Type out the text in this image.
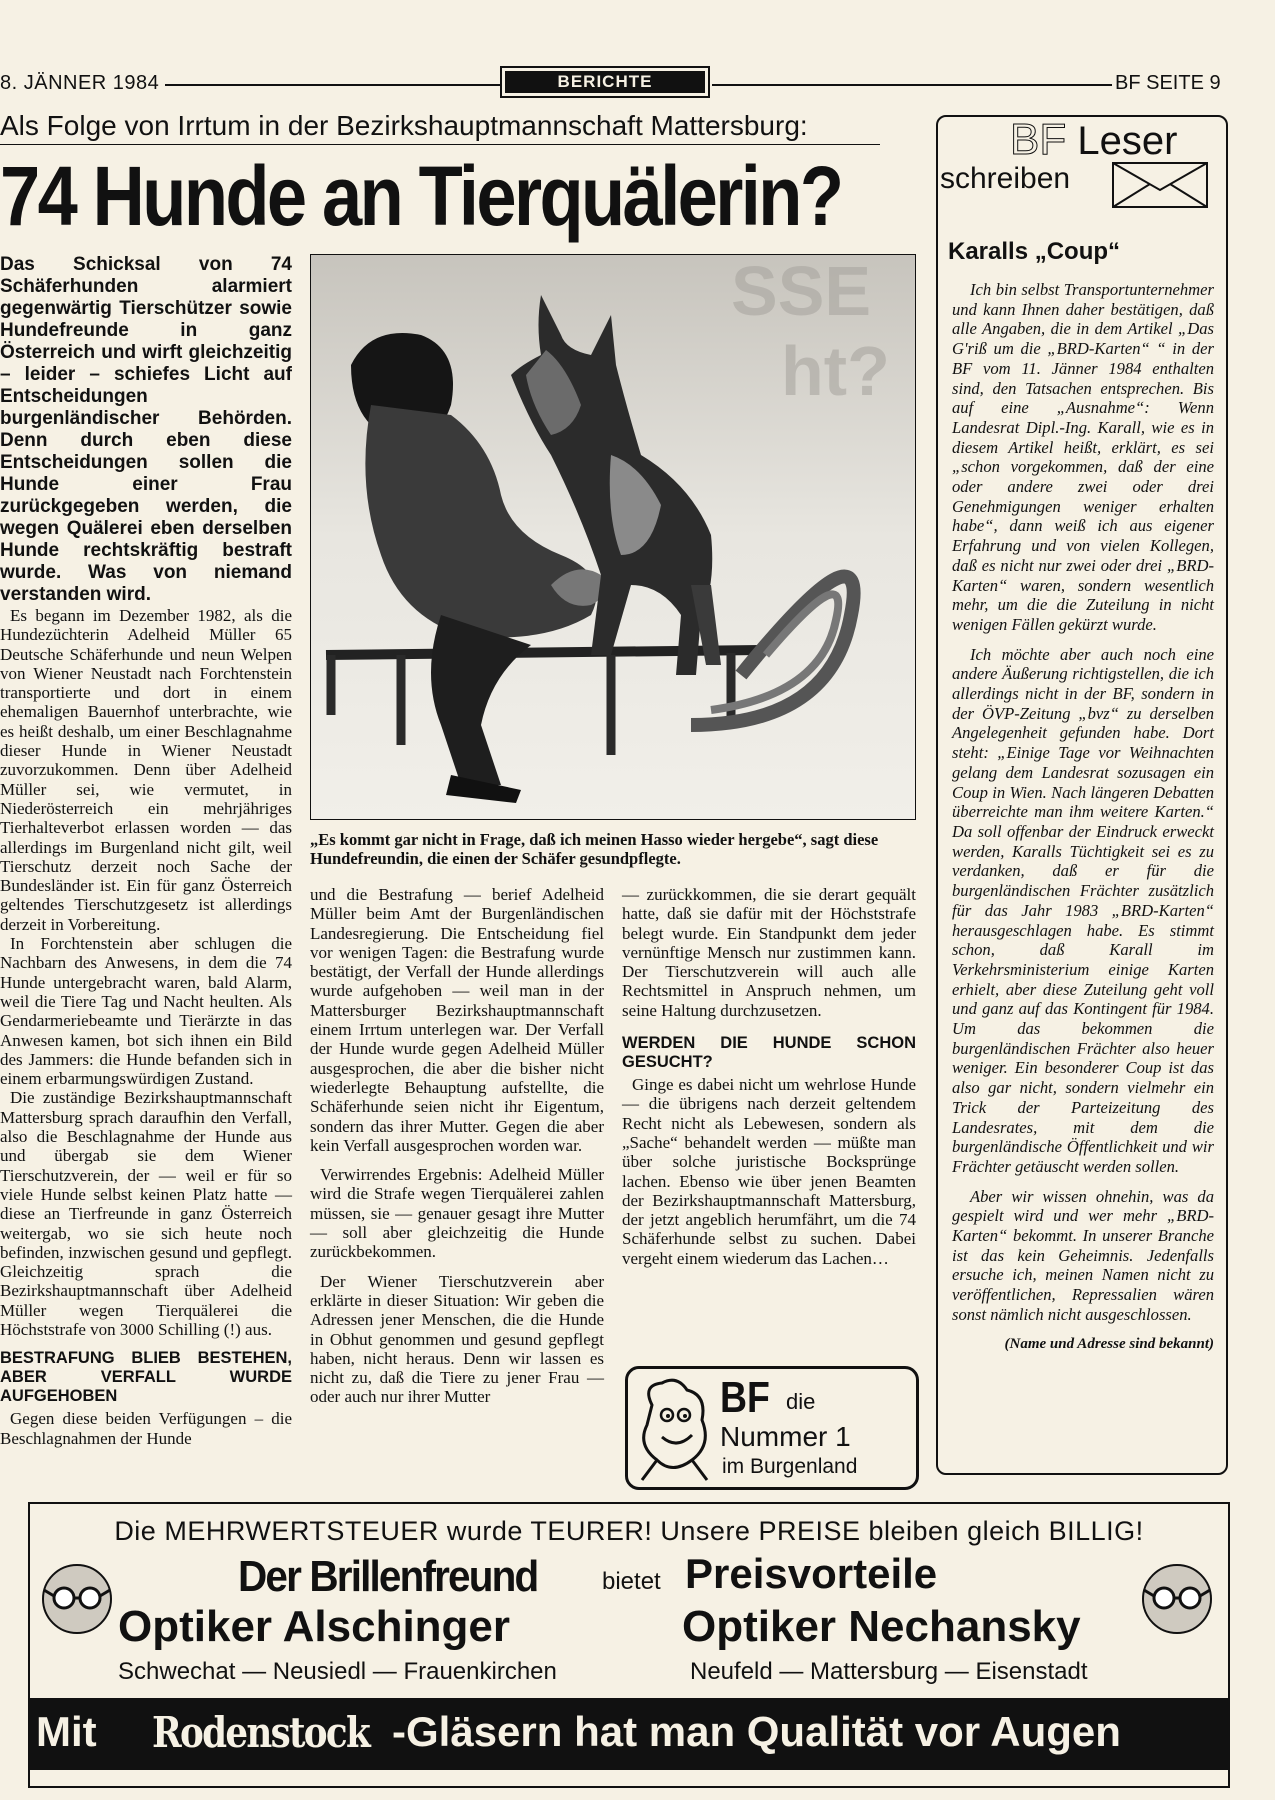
8. JÄNNER 1984	BERICHTE	BF SEITE 9
Als Folge von Irrtum in der Bezirkshauptmannschaft Mattersburg:
74 Hunde an Tierquälerin?
Das Schicksal von 74 Schäferhunden alarmiert gegenwärtig Tierschützer sowie Hundefreunde in ganz Österreich und wirft gleichzeitig – leider – schiefes Licht auf Entscheidungen burgenländischer Behörden. Denn durch eben diese Entscheidungen sollen die Hunde einer Frau zurückgegeben werden, die wegen Quälerei eben derselben Hunde rechtskräftig bestraft wurde. Was von niemand verstanden wird.

Es begann im Dezember 1982, als die Hundezüchterin Adelheid Müller 65 Deutsche Schäferhunde und neun Welpen von Wiener Neustadt nach Forchtenstein transportierte und dort in einem ehemaligen Bauernhof unterbrachte, wie es heißt deshalb, um einer Beschlagnahme dieser Hunde in Wiener Neustadt zuvorzukommen. Denn über Adelheid Müller sei, wie vermutet, in Niederösterreich ein mehrjähriges Tierhalteverbot erlassen worden — das allerdings im Burgenland nicht gilt, weil Tierschutz derzeit noch Sache der Bundesländer ist. Ein für ganz Österreich geltendes Tierschutzgesetz ist allerdings derzeit in Vorbereitung.

In Forchtenstein aber schlugen die Nachbarn des Anwesens, in dem die 74 Hunde untergebracht waren, bald Alarm, weil die Tiere Tag und Nacht heulten. Als Gendarmeriebeamte und Tierärzte in das Anwesen kamen, bot sich ihnen ein Bild des Jammers: die Hunde befanden sich in einem erbarmungswürdigen Zustand.

Die zuständige Bezirkshauptmannschaft Mattersburg sprach daraufhin den Verfall, also die Beschlagnahme der Hunde aus und übergab sie dem Wiener Tierschutzverein, der — weil er für so viele Hunde selbst keinen Platz hatte — diese an Tierfreunde in ganz Österreich weitergab, wo sie sich heute noch befinden, inzwischen gesund und gepflegt. Gleichzeitig sprach die Bezirkshauptmannschaft über Adelheid Müller wegen Tierquälerei die Höchststrafe von 3000 Schilling (!) aus.

BESTRAFUNG BLIEB BESTEHEN, ABER VERFALL WURDE AUFGEHOBEN

Gegen diese beiden Verfügungen – die Beschlagnahmen der Hunde

SSE
ht?
„Es kommt gar nicht in Frage, daß ich meinen Hasso wieder hergebe“, sagt diese Hundefreundin, die einen der Schäfer gesundpflegte.

und die Bestrafung — berief Adelheid Müller beim Amt der Burgenländischen Landesregierung. Die Entscheidung fiel vor wenigen Tagen: die Bestrafung wurde bestätigt, der Verfall der Hunde allerdings wurde aufgehoben — weil man in der Mattersburger Bezirkshauptmannschaft einem Irrtum unterlegen war. Der Verfall der Hunde wurde gegen Adelheid Müller ausgesprochen, die aber die bisher nicht wiederlegte Behauptung aufstellte, die Schäferhunde seien nicht ihr Eigentum, sondern das ihrer Mutter. Gegen die aber kein Verfall ausgesprochen worden war.

Verwirrendes Ergebnis: Adelheid Müller wird die Strafe wegen Tierquälerei zahlen müssen, sie — genauer gesagt ihre Mutter — soll aber gleichzeitig die Hunde zurückbekommen.

Der Wiener Tierschutzverein aber erklärte in dieser Situation: Wir geben die Adressen jener Menschen, die die Hunde in Obhut genommen und gesund gepflegt haben, nicht heraus. Denn wir lassen es nicht zu, daß die Tiere zu jener Frau — oder auch nur ihrer Mutter

— zurückkommen, die sie derart gequält hatte, daß sie dafür mit der Höchststrafe belegt wurde. Ein Standpunkt dem jeder vernünftige Mensch nur zustimmen kann. Der Tierschutzverein will auch alle Rechtsmittel in Anspruch nehmen, um seine Haltung durchzusetzen.

WERDEN DIE HUNDE SCHON GESUCHT?

Ginge es dabei nicht um wehrlose Hunde — die übrigens nach derzeit geltendem Recht nicht als Lebewesen, sondern als „Sache“ behandelt werden — müßte man über solche juristische Bocksprünge lachen. Ebenso wie über jenen Beamten der Bezirkshauptmannschaft Mattersburg, der jetzt angeblich herumfährt, um die 74 Schäferhunde selbst zu suchen. Dabei vergeht einem wiederum das Lachen…

BF die
Nummer 1
im Burgenland
BF Leser
schreiben
Karalls „Coup“

Ich bin selbst Transportunternehmer und kann Ihnen daher bestätigen, daß alle Angaben, die in dem Artikel „Das G'riß um die „BRD-Karten“ “ in der BF vom 11. Jänner 1984 enthalten sind, den Tatsachen entsprechen. Bis auf eine „Ausnahme“: Wenn Landesrat Dipl.-Ing. Karall, wie es in diesem Artikel heißt, erklärt, es sei „schon vorgekommen, daß der eine oder andere zwei oder drei Genehmigungen weniger erhalten habe“, dann weiß ich aus eigener Erfahrung und von vielen Kollegen, daß es nicht nur zwei oder drei „BRD-Karten“ waren, sondern wesentlich mehr, um die die Zuteilung in nicht wenigen Fällen gekürzt wurde.

Ich möchte aber auch noch eine andere Äußerung richtigstellen, die ich allerdings nicht in der BF, sondern in der ÖVP-Zeitung „bvz“ zu derselben Angelegenheit gefunden habe. Dort steht: „Einige Tage vor Weihnachten gelang dem Landesrat sozusagen ein Coup in Wien. Nach längeren Debatten überreichte man ihm weitere Karten.“ Da soll offenbar der Eindruck erweckt werden, Karalls Tüchtigkeit sei es zu verdanken, daß er für die burgenländischen Frächter zusätzlich für das Jahr 1983 „BRD-Karten“ herausgeschlagen habe. Es stimmt schon, daß Karall im Verkehrsministerium einige Karten erhielt, aber diese Zuteilung geht voll und ganz auf das Kontingent für 1984. Um das bekommen die burgenländischen Frächter also heuer weniger. Ein besonderer Coup ist das also gar nicht, sondern vielmehr ein Trick der Parteizeitung des Landesrates, mit dem die burgenländische Öffentlichkeit und wir Frächter getäuscht werden sollen.

Aber wir wissen ohnehin, was da gespielt wird und wer mehr „BRD-Karten“ bekommt. In unserer Branche ist das kein Geheimnis. Jedenfalls ersuche ich, meinen Namen nicht zu veröffentlichen, Repressalien wären sonst nämlich nicht ausgeschlossen.

(Name und Adresse sind bekannt)
Die MEHRWERTSTEUER wurde TEURER! Unsere PREISE bleiben gleich BILLIG!
Der Brillenfreund	bietet Preisvorteile
Optiker Alschinger	Optiker Nechansky
Schwechat — Neusiedl — Frauenkirchen	Neufeld — Mattersburg — Eisenstadt
Mit Rodenstock -Gläsern hat man Qualität vor Augen
